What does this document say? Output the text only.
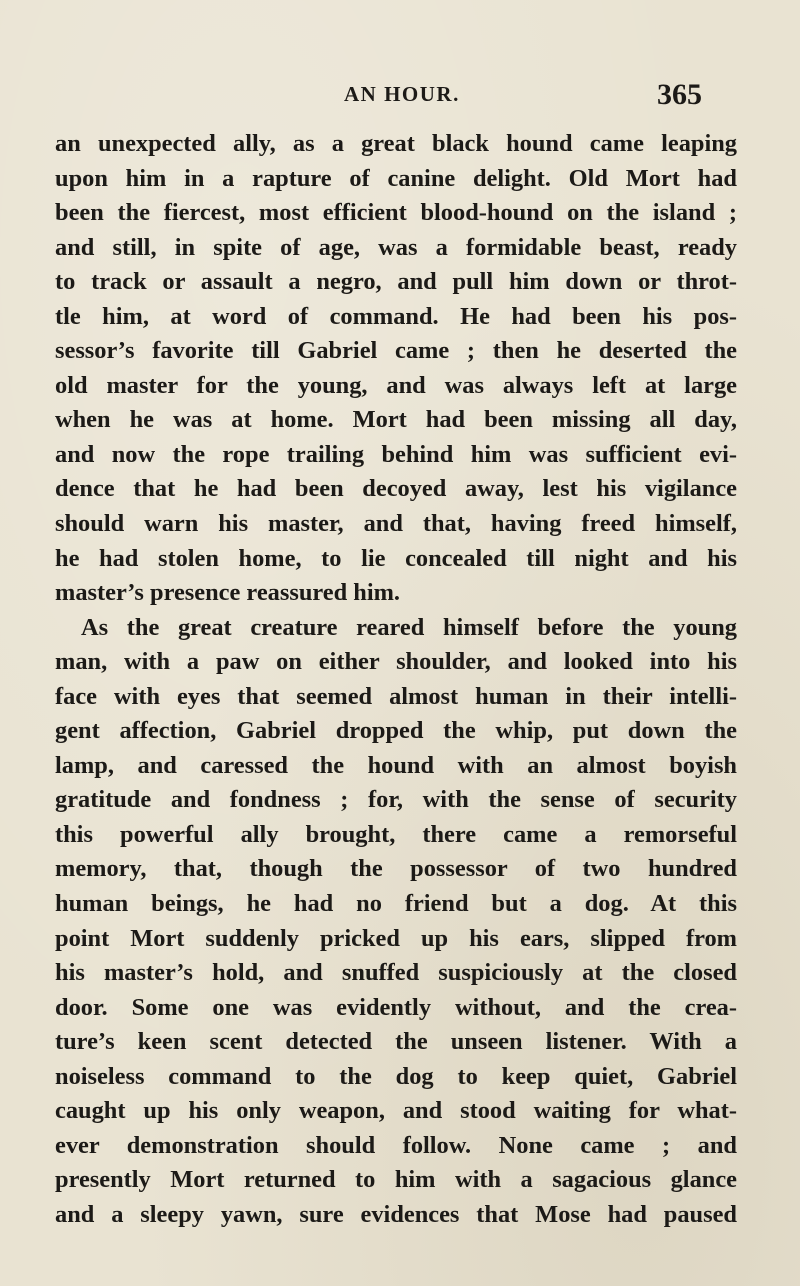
AN HOUR.	365
an unexpected ally, as a great black hound came leaping
upon him in a rapture of canine delight. Old Mort had
been the fiercest, most efficient blood-hound on the island ;
and still, in spite of age, was a formidable beast, ready
to track or assault a negro, and pull him down or throt-
tle him, at word of command. He had been his pos-
sessor’s favorite till Gabriel came ; then he deserted the
old master for the young, and was always left at large
when he was at home. Mort had been missing all day,
and now the rope trailing behind him was sufficient evi-
dence that he had been decoyed away, lest his vigilance
should warn his master, and that, having freed himself,
he had stolen home, to lie concealed till night and his
master’s presence reassured him.
As the great creature reared himself before the young
man, with a paw on either shoulder, and looked into his
face with eyes that seemed almost human in their intelli-
gent affection, Gabriel dropped the whip, put down the
lamp, and caressed the hound with an almost boyish
gratitude and fondness ; for, with the sense of security
this powerful ally brought, there came a remorseful
memory, that, though the possessor of two hundred
human beings, he had no friend but a dog. At this
point Mort suddenly pricked up his ears, slipped from
his master’s hold, and snuffed suspiciously at the closed
door. Some one was evidently without, and the crea-
ture’s keen scent detected the unseen listener. With a
noiseless command to the dog to keep quiet, Gabriel
caught up his only weapon, and stood waiting for what-
ever demonstration should follow. None came ; and
presently Mort returned to him with a sagacious glance
and a sleepy yawn, sure evidences that Mose had paused
